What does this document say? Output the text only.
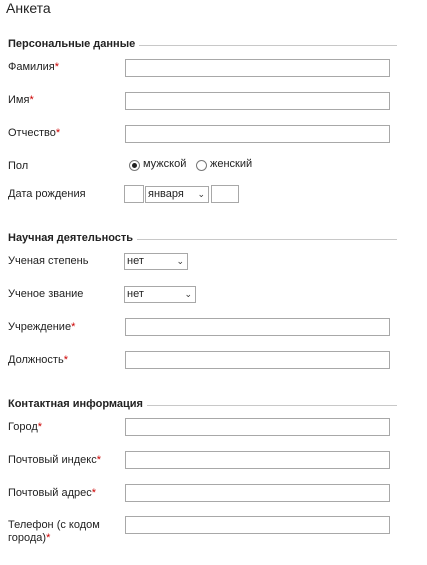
Анкета
Персональные данные
Фамилия*
Имя*
Отчество*
Пол	мужской женский
Дата рождения	января ⌄
Научная деятельность
Ученая степень	нет	⌄
Ученое звание	нет	⌄
Учреждение*
Должность*
Контактная информация
Город*
Почтовый индекс*
Почтовый адрес*
Телефон (с кодом
города)*
